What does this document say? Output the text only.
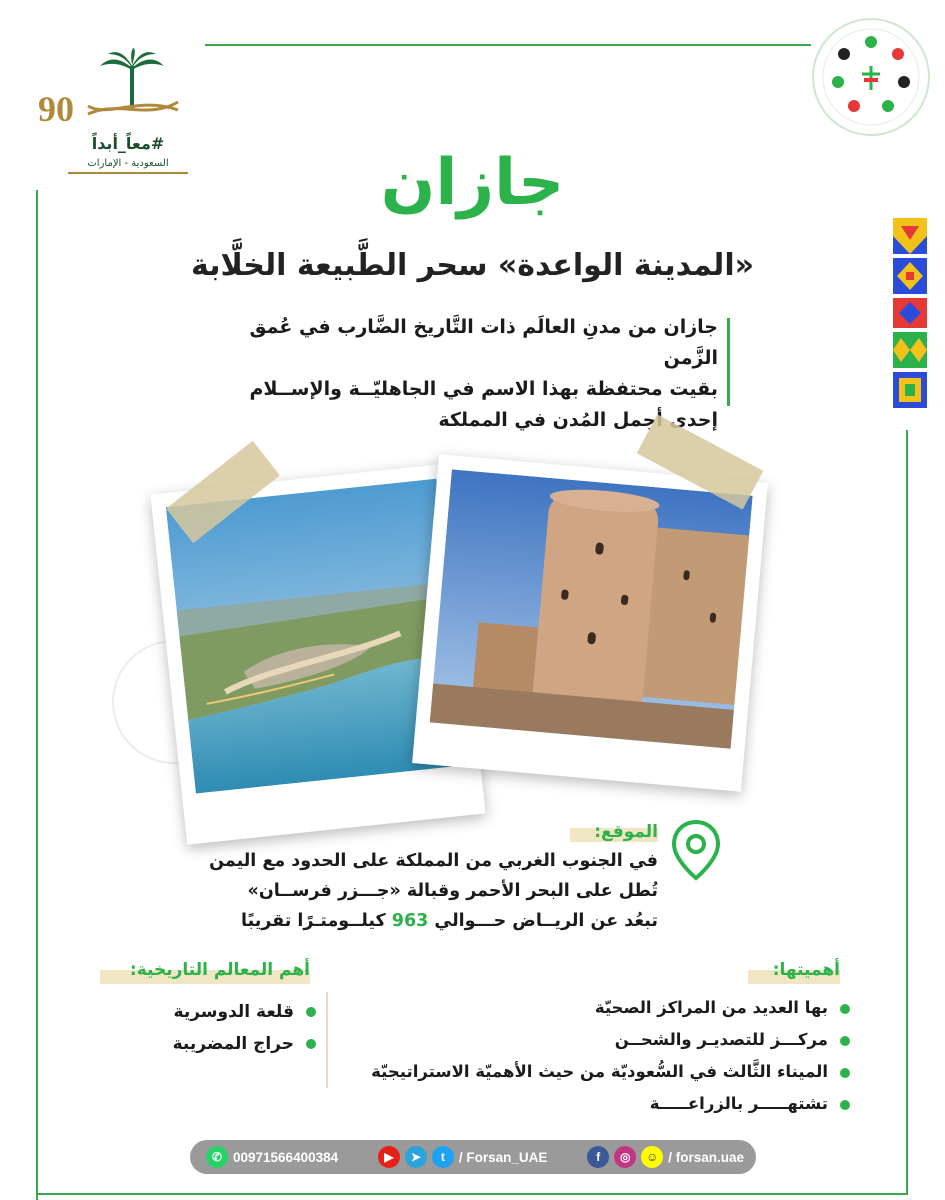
90
#معاً_أبداً
السعودية - الإمارات	جازان
«المدينة الواعدة» سحر الطَّبيعة الخلَّابة
جازان من مدنِ العالَم ذات التَّاريخ الضَّارب في عُمق الزَّمن
بقيت محتفظة بهذا الاسم في الجاهليّــة والإســلام
إحدى أجمل المُدن في المملكة
الموقع:
في الجنوب الغربي من المملكة على الحدود مع اليمن
تُطل على البحر الأحمر وقبالة «جـــزر فرســان»
تبعُد عن الريــاض حـــوالي 963 كيلــومتـرًا تقريبًا
أهميتها:
بها العديد من المراكز الصحيّة
مركـــز للتصديـر والشحــن
الميناء الثَّالث في السُّعوديّة من حيث الأهميّة الاستراتيجيّة
تشتهـــــر بالزراعـــــة
أهم المعالم التاريخية:
قلعة الدوسرية
حراج المضريبة
✆ 00971566400384	▶	➤	t	/ Forsan_UAE	f	◎	☺ / forsan.uae
